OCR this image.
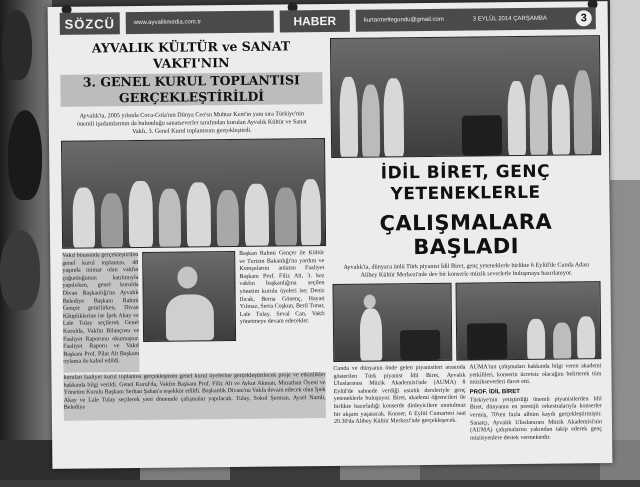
SÖZCÜ	www.ayvalikmedia.com.tr	HABER	kurtarmeltegundu@gmail.com	3 EYLÜL 2014 ÇARŞAMBA	3
AYVALIK KÜLTÜR ve SANAT VAKFI'NIN
3. GENEL KURUL TOPLANTISI GERÇEKLEŞTİRİLDİ
Ayvalık'ta, 2005 yılında Coca-Cola'nın Dünya Ceo'su Muhtar Kent'in yanı sıra Türkiye'nin önemli işadamlarının da bulunduğu sanatseverler tarafından kurulan Ayvalık Kültür ve Sanat Vakfı, 3. Genel Kurul toplantısını gerçekleştirdi.
Vakıf binasında gerçekleştirilen genel kurul toplantısı, 48 yaşında mimar olan vakfın çoğunluğunun katılımıyla yapılırken, genel kurulda Divan Başkanlığı'na Ayvalık Belediye Başkanı Rahmi Gençer getirilirken, Divan Kâtipliklerine ise İpek Akay ve Lale Tulay seçilerek Genel Kurulda, Vakfın Bilançosu ve Faaliyet Raporunu okumuştur. Faaliyet Raporu ve Vakıf Başkanı Prof. Pilat Alt Başkanı oylama ile kabul edildi.
Başkan Rahmi Gençer ile Kültür ve Turizm Bakanlığı'na yardım ve Komşularını anlatan Faaliyet Başkanı Prof. Filiz Alt, 3. kez vakfın başkanlığına seçilen yönetim kurulu üyeleri ise; Deniz Ilıcak, Berna Gönenç, Hayati Yılmaz, Serra Coşkun, Beril Tunar, Lale Tulay, Seval Can, Vakfı yönetmeye devam edecekler.
kurulan faaliyet kurul toplantısı gerçekleştiren genel kurul üyelerine gerçekleştirilecek proje ve etkinlikler hakkında bilgi verildi. Genel Kurul'da, Vakfın Başkanı Prof. Filiz Alt ve Aykut Akman, Murathan Öyeni ve Yönetim Kurulu Başkanı Serhan Şahan'a teşekkür edildi. Başkanlık Divanı'na Vakfa devam edecek olan İpek Akay ve Lale Tulay seçilerek yeni dönemde çalışmalar yapılacak. Tulay, Sokol Şerman, Aysel Namlı, Belediye
İDİL BİRET, GENÇ YETENEKLERLE
ÇALIŞMALARA BAŞLADI
Ayvalık'ta, dünyaca ünlü Türk piyanist İdil Biret, genç yeteneklerle birlikte 6 Eylül'de Cunda Adası Alibey Kültür Merkezi'nde dev bir konserle müzik severlerle buluşmaya hazırlanıyor.
Cunda ve dünyanın önde gelen piyanistleri arasında gösterilen Türk piyanist İdil Biret, Ayvalık Uluslararası Müzik Akademisi'nde (AUMA) 8 Eylül'de sahnede verdiği ustalık dersleriyle genç yeteneklerle buluşuyor. Biret, akademi öğrencileri ile birlikte hazırladığı konserde dinleyicilere unutulmaz bir akşam yaşatacak. Konser, 6 Eylül Cumartesi saat 20.30'da Alibey Kültür Merkezi'nde gerçekleşecek.
AUMA'nın çalışmaları hakkında bilgi veren akademi yetkilileri, konserin ücretsiz olacağını belirterek tüm müzikseverleri davet etti.
PROF. İDİL BİRET
Türkiye'nin yetiştirdiği önemli piyanistlerden İdil Biret, dünyanın en prestijli orkestralarıyla konserler vermiş, 70'ten fazla albüm kaydı gerçekleştirmiştir. Sanatçı, Ayvalık Uluslararası Müzik Akademisi'nin (AUMA) çalışmalarını yakından takip ederek genç müzisyenlere destek vermektedir.
